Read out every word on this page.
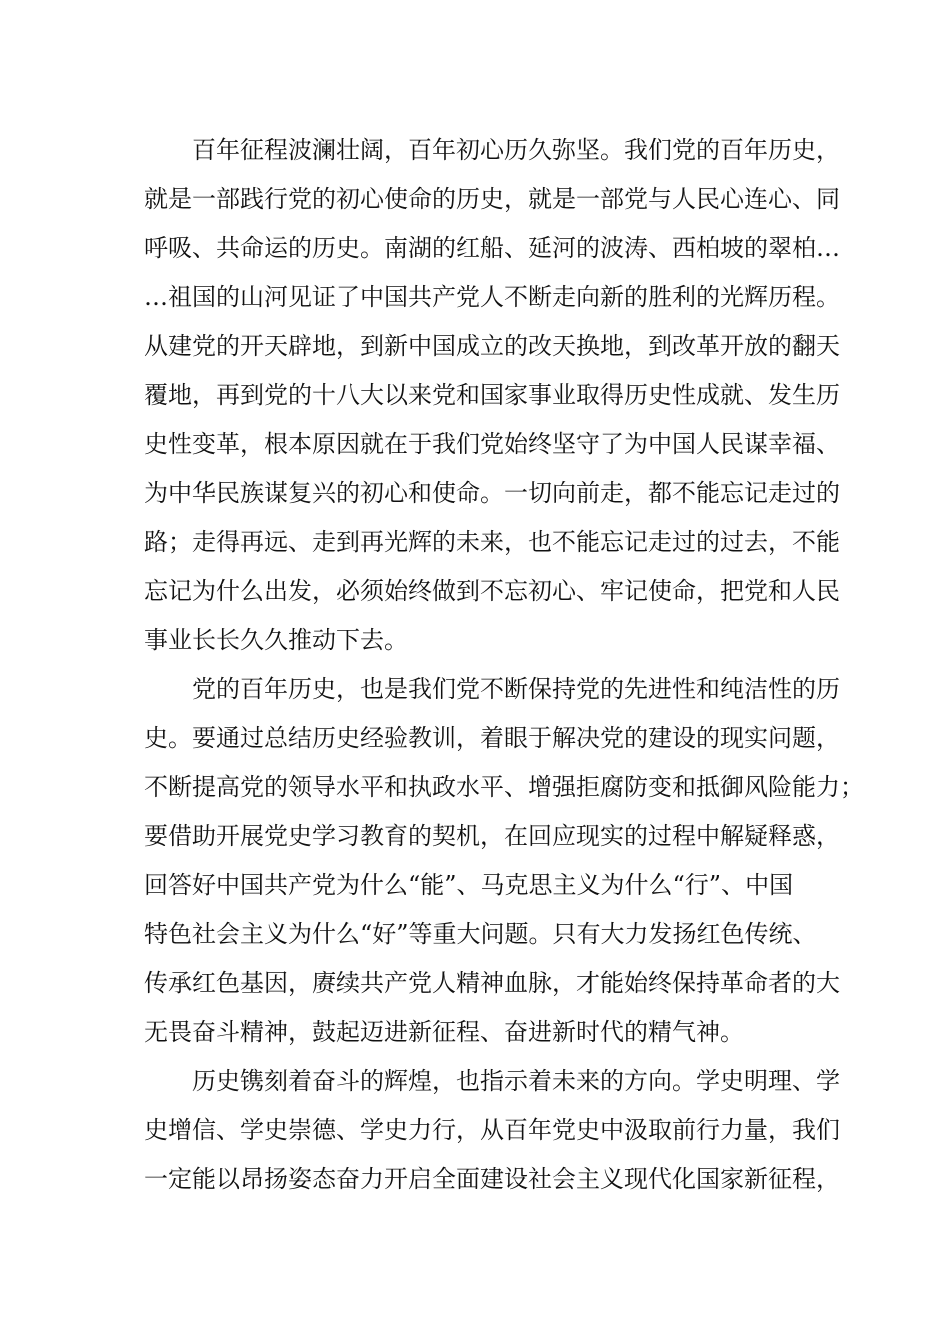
百年征程波澜壮阔，百年初心历久弥坚。我们党的百年历史，
就是一部践行党的初心使命的历史，就是一部党与人民心连心、同
呼吸、共命运的历史。南湖的红船、延河的波涛、西柏坡的翠柏…
…祖国的山河见证了中国共产党人不断走向新的胜利的光辉历程。
从建党的开天辟地，到新中国成立的改天换地，到改革开放的翻天
覆地，再到党的十八大以来党和国家事业取得历史性成就、发生历
史性变革，根本原因就在于我们党始终坚守了为中国人民谋幸福、
为中华民族谋复兴的初心和使命。一切向前走，都不能忘记走过的
路；走得再远、走到再光辉的未来，也不能忘记走过的过去，不能
忘记为什么出发，必须始终做到不忘初心、牢记使命，把党和人民
事业长长久久推动下去。
党的百年历史，也是我们党不断保持党的先进性和纯洁性的历
史。要通过总结历史经验教训，着眼于解决党的建设的现实问题，
不断提高党的领导水平和执政水平、增强拒腐防变和抵御风险能力；
要借助开展党史学习教育的契机，在回应现实的过程中解疑释惑，
回答好中国共产党为什么“能”、马克思主义为什么“行”、中国
特色社会主义为什么“好”等重大问题。只有大力发扬红色传统、
传承红色基因，赓续共产党人精神血脉，才能始终保持革命者的大
无畏奋斗精神，鼓起迈进新征程、奋进新时代的精气神。
历史镌刻着奋斗的辉煌，也指示着未来的方向。学史明理、学
史增信、学史崇德、学史力行，从百年党史中汲取前行力量，我们
一定能以昂扬姿态奋力开启全面建设社会主义现代化国家新征程，
